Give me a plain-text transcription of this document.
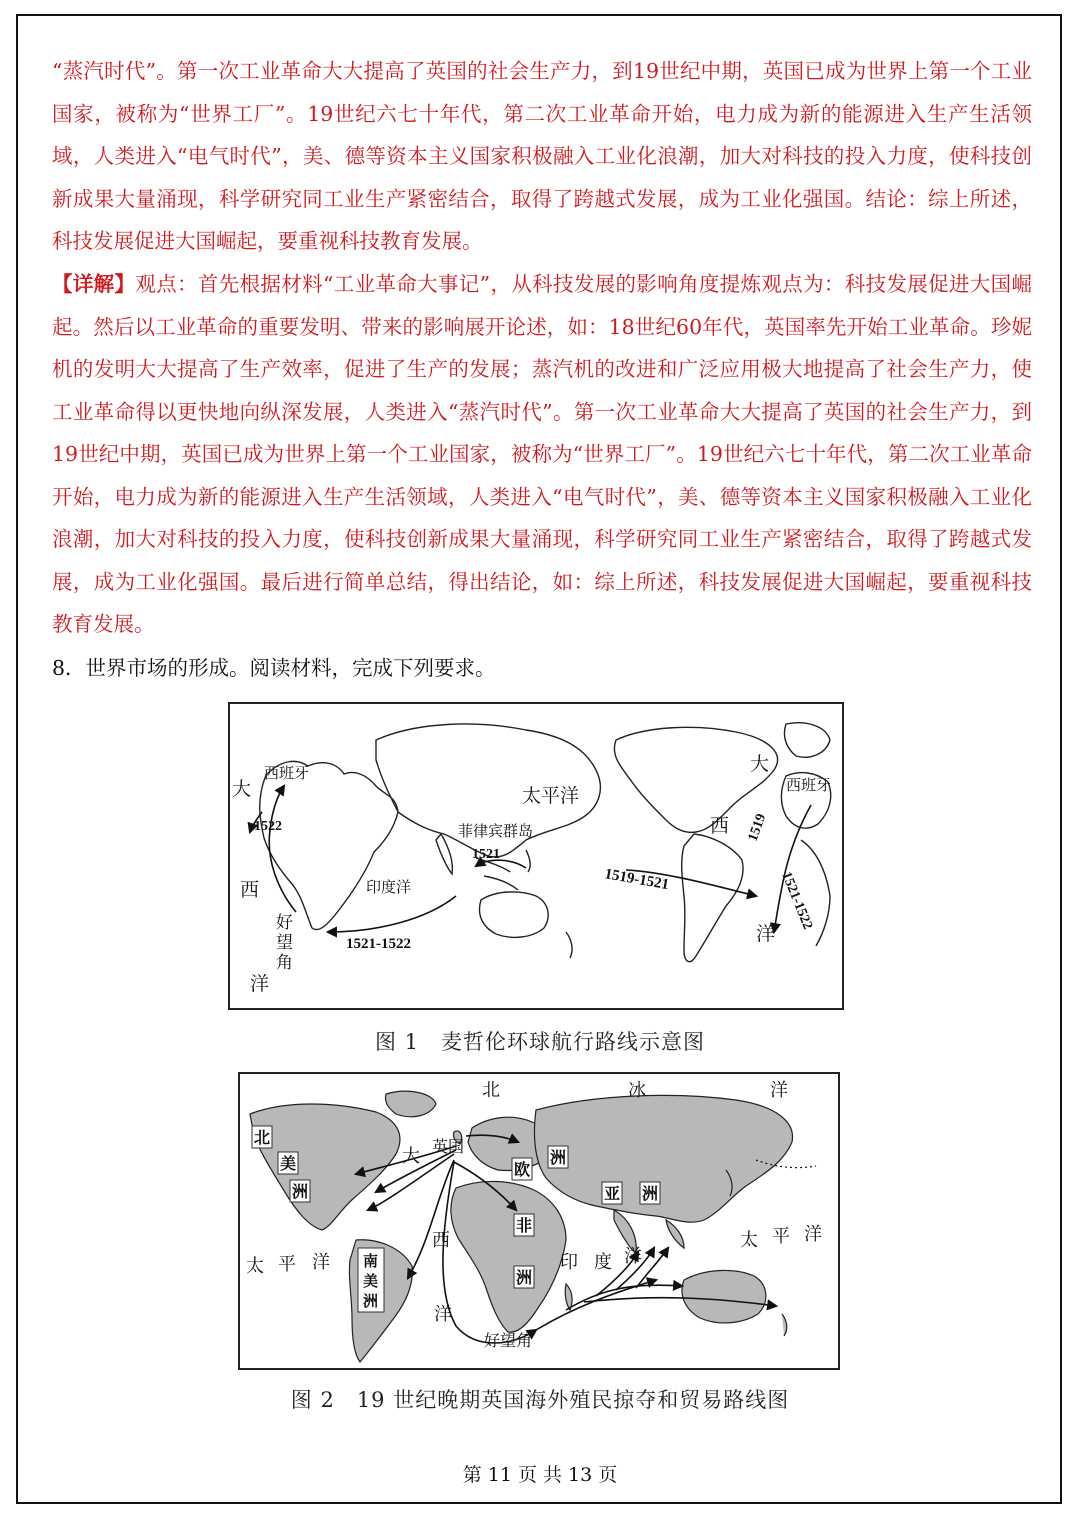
“蒸汽时代”。第一次工业革命大大提高了英国的社会生产力，到19世纪中期，英国已成为世界上第一个工业国家，被称为“世界工厂”。19世纪六七十年代，第二次工业革命开始，电力成为新的能源进入生产生活领域，人类进入“电气时代”，美、德等资本主义国家积极融入工业化浪潮，加大对科技的投入力度，使科技创新成果大量涌现，科学研究同工业生产紧密结合，取得了跨越式发展，成为工业化强国。结论：综上所述，科技发展促进大国崛起，要重视科技教育发展。

【详解】观点：首先根据材料“工业革命大事记”，从科技发展的影响角度提炼观点为：科技发展促进大国崛起。然后以工业革命的重要发明、带来的影响展开论述，如：18世纪60年代，英国率先开始工业革命。珍妮机的发明大大提高了生产效率，促进了生产的发展；蒸汽机的改进和广泛应用极大地提高了社会生产力，使工业革命得以更快地向纵深发展，人类进入“蒸汽时代”。第一次工业革命大大提高了英国的社会生产力，到19世纪中期，英国已成为世界上第一个工业国家，被称为“世界工厂”。19世纪六七十年代，第二次工业革命开始，电力成为新的能源进入生产生活领域，人类进入“电气时代”，美、德等资本主义国家积极融入工业化浪潮，加大对科技的投入力度，使科技创新成果大量涌现，科学研究同工业生产紧密结合，取得了跨越式发展，成为工业化强国。最后进行简单总结，得出结论，如：综上所述，科技发展促进大国崛起，要重视科技教育发展。

8．世界市场的形成。阅读材料，完成下列要求。

西班牙
大
1522
西
好
望
角
洋
1521-1522
印度洋
菲律宾群岛
1521
太平洋
1519-1521
大
西
洋
西班牙
1519
1521-1522
图 1　麦哲伦环球航行路线示意图
北
美
洲
南
美
洲
欧
洲
亚 洲
非
洲
北	冰	洋
英国
大
西
洋
好望角
印 度 洋
太 平 洋
太 平 洋
图 2　19 世纪晚期英国海外殖民掠夺和贸易路线图
第 11 页 共 13 页
